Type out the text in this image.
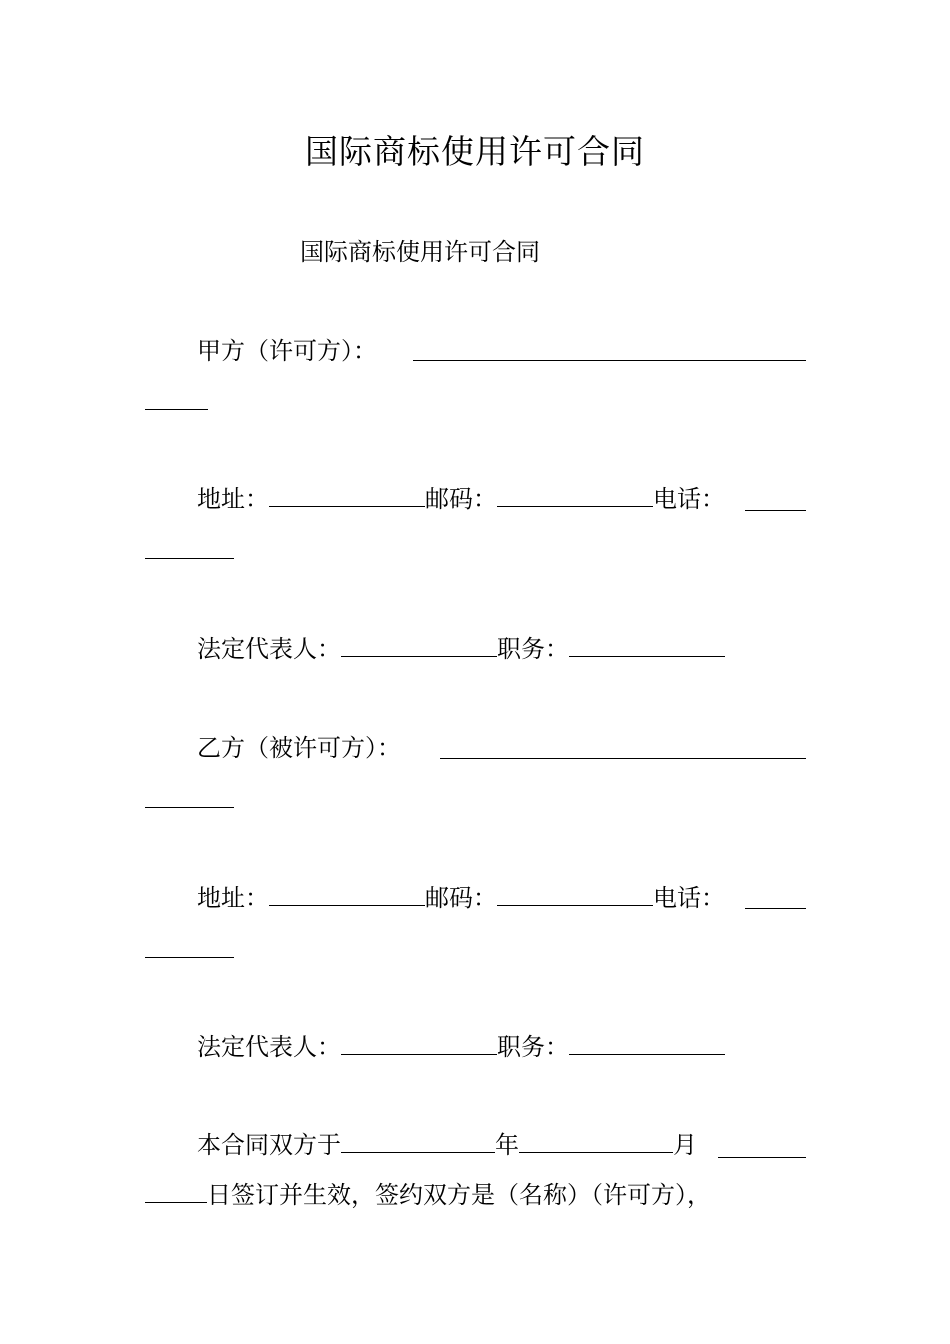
国际商标使用许可合同
国际商标使用许可合同
甲方（许可方）：
地址：	邮码：	电话：
法定代表人：	职务：
乙方（被许可方）：
地址：	邮码：	电话：
法定代表人：	职务：
本合同双方于	年	月
日签订并生效，签约双方是（名称）（许可方），
